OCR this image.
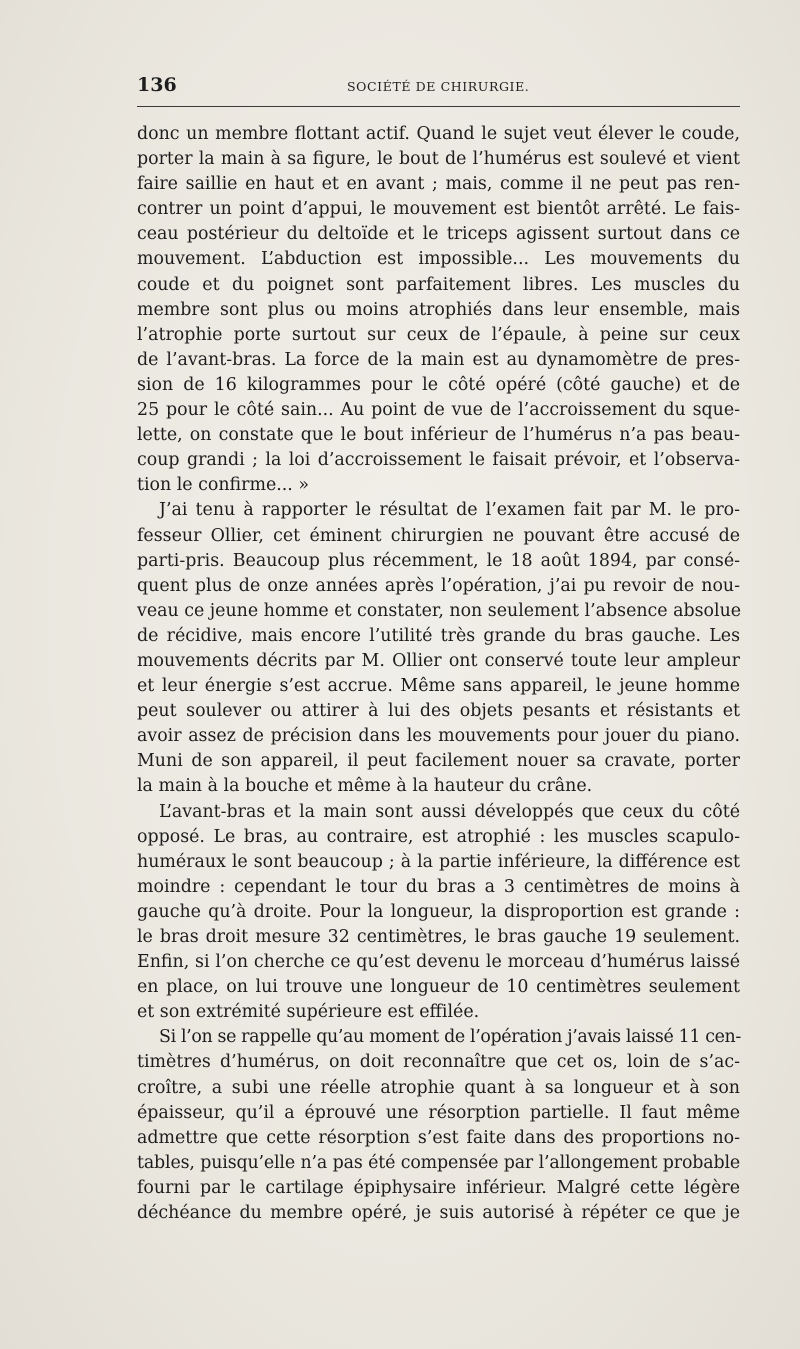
136	SOCIÉTÉ DE CHIRURGIE.

donc un membre flottant actif. Quand le sujet veut élever le coude,

porter la main à sa figure, le bout de l’humérus est soulevé et vient

faire saillie en haut et en avant ; mais, comme il ne peut pas ren-

contrer un point d’appui, le mouvement est bientôt arrêté. Le fais-

ceau postérieur du deltoïde et le triceps agissent surtout dans ce

mouvement. L’abduction est impossible... Les mouvements du

coude et du poignet sont parfaitement libres. Les muscles du

membre sont plus ou moins atrophiés dans leur ensemble, mais

l’atrophie porte surtout sur ceux de l’épaule, à peine sur ceux

de l’avant-bras. La force de la main est au dynamomètre de pres-

sion de 16 kilogrammes pour le côté opéré (côté gauche) et de

25 pour le côté sain... Au point de vue de l’accroissement du sque-

lette, on constate que le bout inférieur de l’humérus n’a pas beau-

coup grandi ; la loi d’accroissement le faisait prévoir, et l’observa-

tion le confirme... »

J’ai tenu à rapporter le résultat de l’examen fait par M. le pro-

fesseur Ollier, cet éminent chirurgien ne pouvant être accusé de

parti-pris. Beaucoup plus récemment, le 18 août 1894, par consé-

quent plus de onze années après l’opération, j’ai pu revoir de nou-

veau ce jeune homme et constater, non seulement l’absence absolue

de récidive, mais encore l’utilité très grande du bras gauche. Les

mouvements décrits par M. Ollier ont conservé toute leur ampleur

et leur énergie s’est accrue. Même sans appareil, le jeune homme

peut soulever ou attirer à lui des objets pesants et résistants et

avoir assez de précision dans les mouvements pour jouer du piano.

Muni de son appareil, il peut facilement nouer sa cravate, porter

la main à la bouche et même à la hauteur du crâne.

L’avant-bras et la main sont aussi développés que ceux du côté

opposé. Le bras, au contraire, est atrophié : les muscles scapulo-

huméraux le sont beaucoup ; à la partie inférieure, la différence est

moindre : cependant le tour du bras a 3 centimètres de moins à

gauche qu’à droite. Pour la longueur, la disproportion est grande :

le bras droit mesure 32 centimètres, le bras gauche 19 seulement.

Enfin, si l’on cherche ce qu’est devenu le morceau d’humérus laissé

en place, on lui trouve une longueur de 10 centimètres seulement

et son extrémité supérieure est effilée.

Si l’on se rappelle qu’au moment de l’opération j’avais laissé 11 cen-

timètres d’humérus, on doit reconnaître que cet os, loin de s’ac-

croître, a subi une réelle atrophie quant à sa longueur et à son

épaisseur, qu’il a éprouvé une résorption partielle. Il faut même

admettre que cette résorption s’est faite dans des proportions no-

tables, puisqu’elle n’a pas été compensée par l’allongement probable

fourni par le cartilage épiphysaire inférieur. Malgré cette légère

déchéance du membre opéré, je suis autorisé à répéter ce que je
